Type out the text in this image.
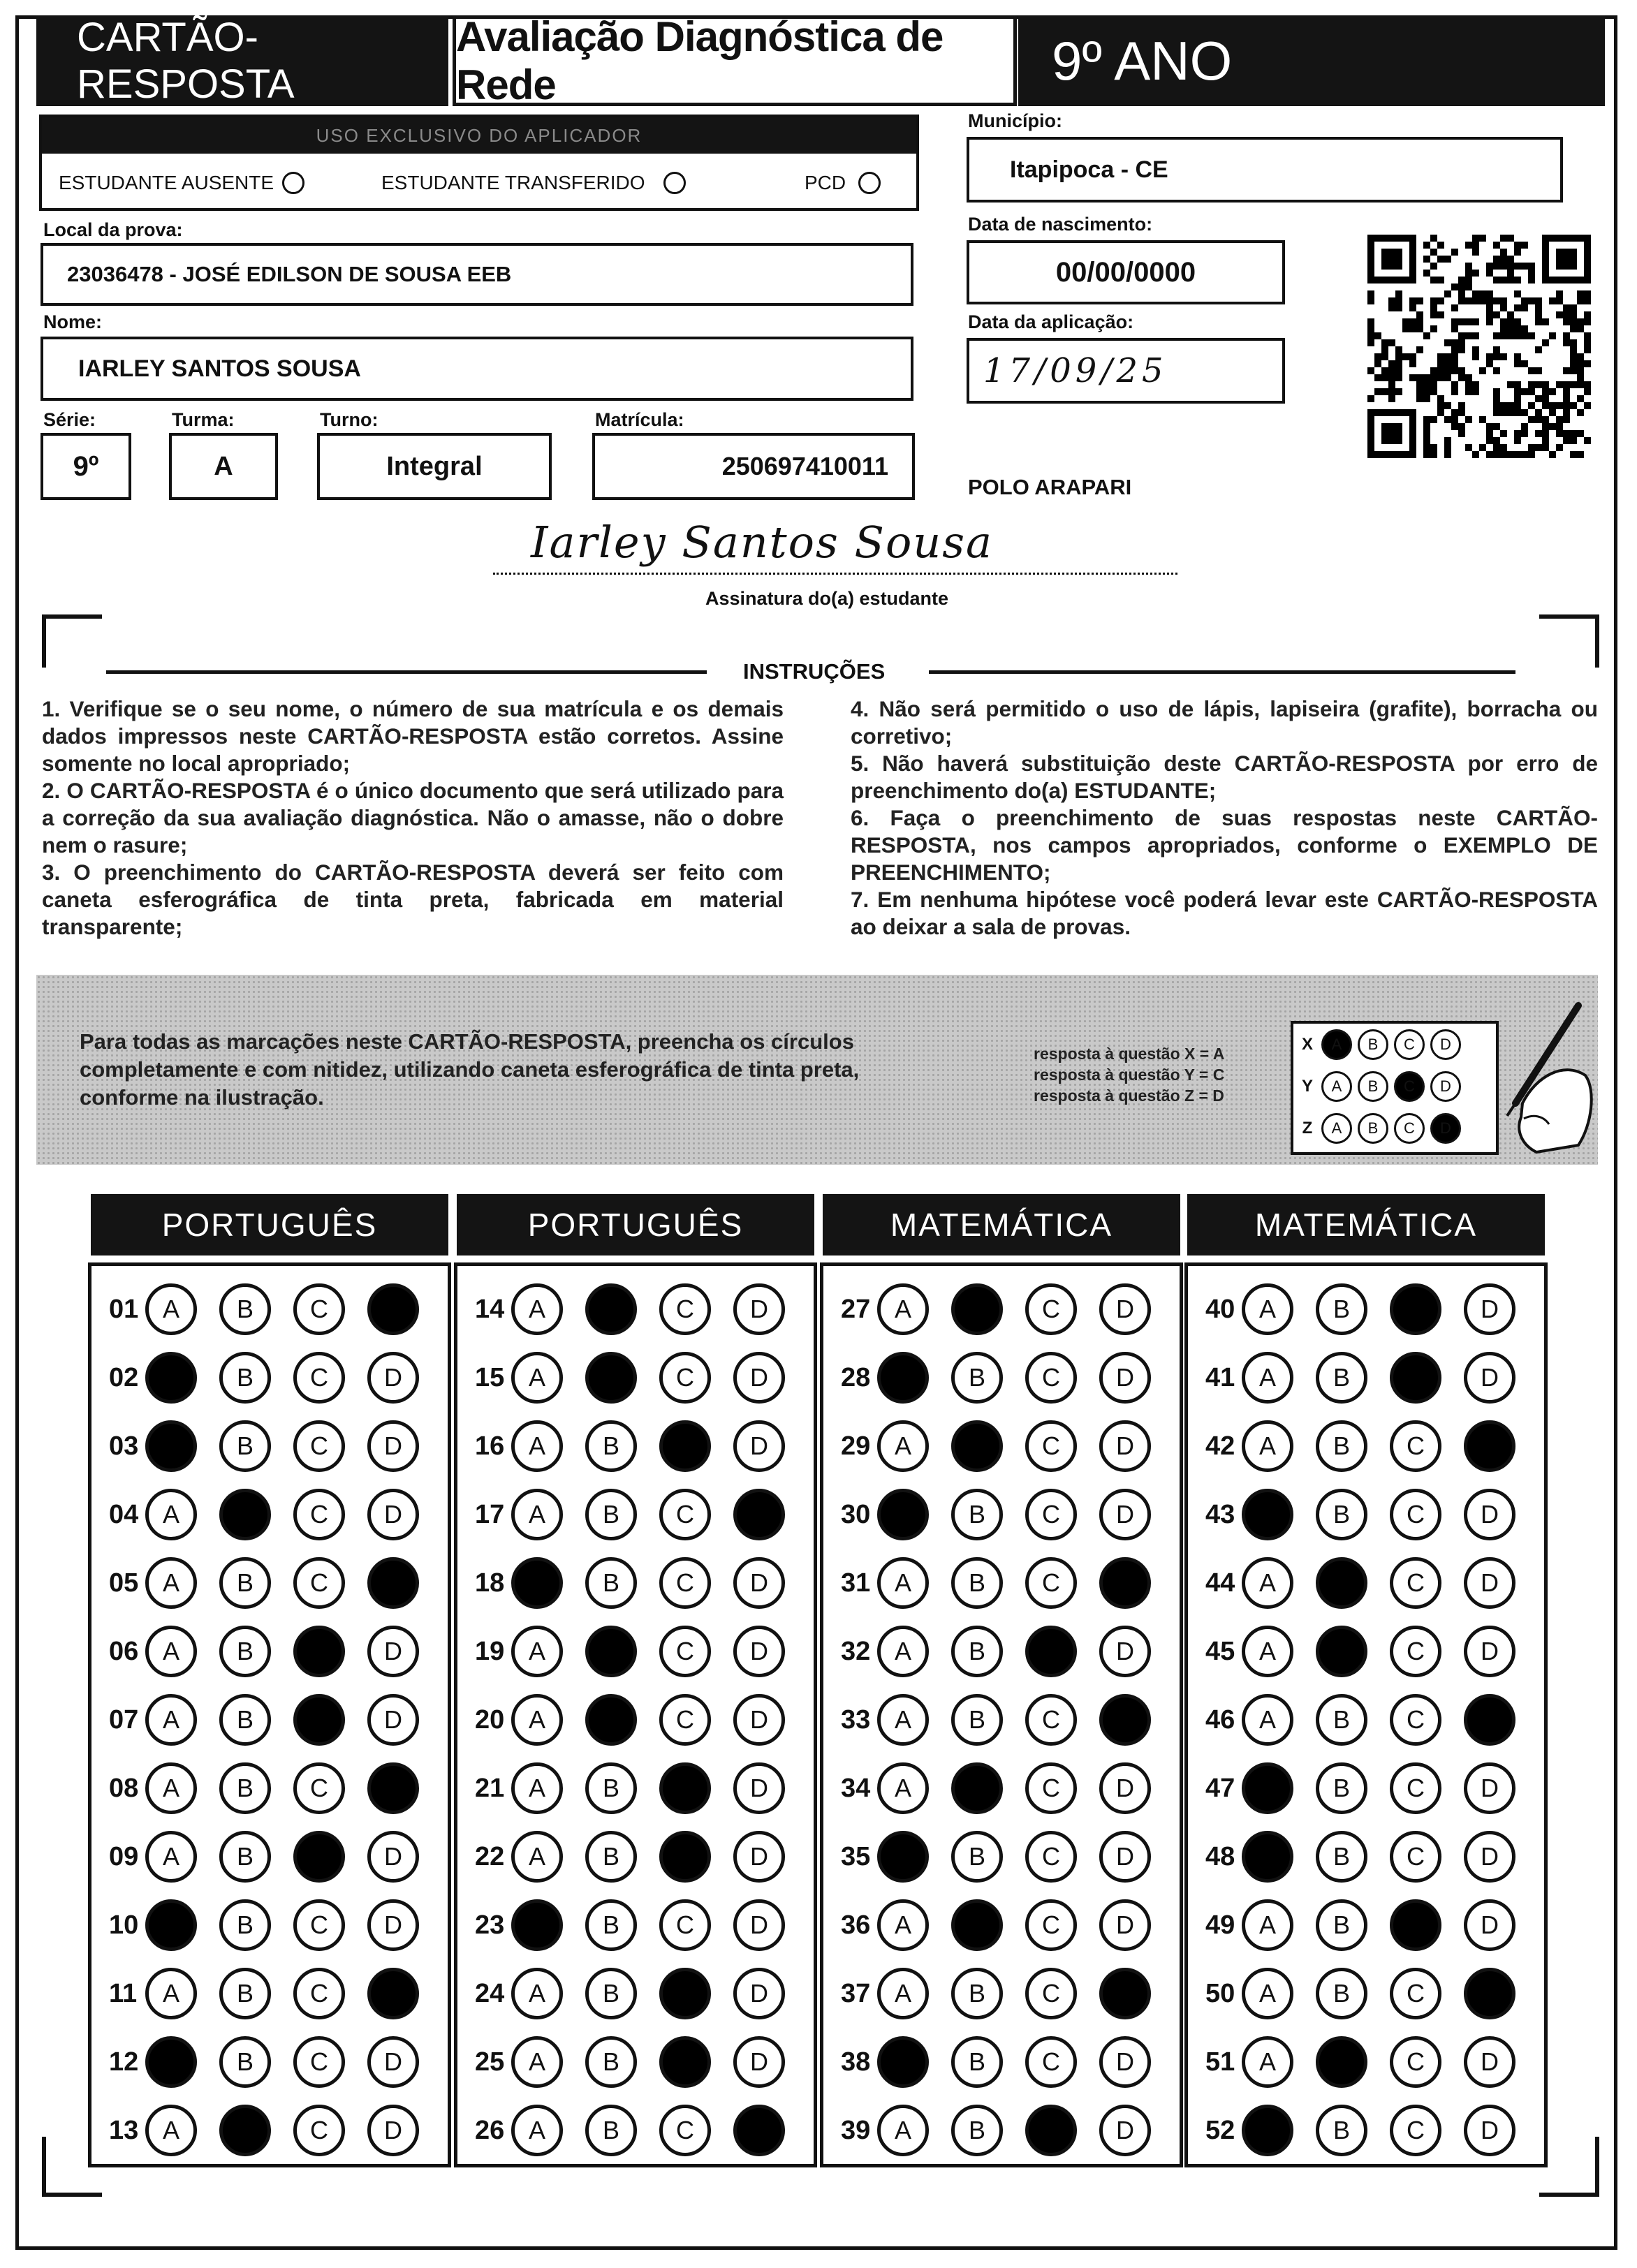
CARTÃO-RESPOSTA
Avaliação Diagnóstica de Rede	9º ANO
USO EXCLUSIVO DO APLICADOR
ESTUDANTE AUSENTE	ESTUDANTE TRANSFERIDO	PCD
Município:
Itapipoca - CE
Data de nascimento:
00/00/0000
Data da aplicação:
17/09/25
Local da prova:
23036478 - JOSÉ EDILSON DE SOUSA EEB
Nome:
IARLEY SANTOS SOUSA
Série:	Turma:	Turno:	Matrícula:
9º	A	Integral	250697410011
POLO ARAPARI
Iarley Santos Sousa
Assinatura do(a) estudante
INSTRUÇÕES
1. Verifique se o seu nome, o número de sua matrícula e os demais dados impressos neste CARTÃO-RESPOSTA estão corretos. Assine somente no local apropriado;
2. O CARTÃO-RESPOSTA é o único documento que será utilizado para a correção da sua avaliação diagnóstica. Não o amasse, não o dobre nem o rasure;
3. O preenchimento do CARTÃO-RESPOSTA deverá ser feito com caneta esferográfica de tinta preta, fabricada em material transparente;
4. Não será permitido o uso de lápis, lapiseira (grafite), borracha ou corretivo;
5. Não haverá substituição deste CARTÃO-RESPOSTA por erro de preenchimento do(a) ESTUDANTE;
6. Faça o preenchimento de suas respostas neste CARTÃO-RESPOSTA, nos campos apropriados, conforme o EXEMPLO DE PREENCHIMENTO;
7. Em nenhuma hipótese você poderá levar este CARTÃO-RESPOSTA ao deixar a sala de provas.
Para todas as marcações neste CARTÃO-RESPOSTA, preencha os círculos completamente e com nitidez, utilizando caneta esferográfica de tinta preta, conforme na ilustração.
resposta à questão X = A
resposta à questão Y = C
resposta à questão Z = D
X	A	B	C	D
Y	A	B	C	D
Z	A	B	C	D
PORTUGUÊS
01 A	B	C	D
02 A	B	C	D
03 A	B	C	D
04 A	B	C	D
05 A	B	C	D
06 A	B	C	D
07 A	B	C	D
08 A	B	C	D
09 A	B	C	D
10 A	B	C	D
11	A	B	C	D
12 A	B	C	D
13 A	B	C	D
PORTUGUÊS
14 A	B	C	D
15 A	B	C	D
16 A	B	C	D
17 A	B	C	D
18 A	B	C	D
19 A	B	C	D
20 A	B	C	D
21 A	B	C	D
22 A	B	C	D
23 A	B	C	D
24 A	B	C	D
25 A	B	C	D
26 A	B	C	D
MATEMÁTICA
27 A	B	C	D
28 A	B	C	D
29 A	B	C	D
30 A	B	C	D
31 A	B	C	D
32 A	B	C	D
33 A	B	C	D
34 A	B	C	D
35 A	B	C	D
36 A	B	C	D
37 A	B	C	D
38 A	B	C	D
39 A	B	C	D
MATEMÁTICA
40 A	B	C	D
41 A	B	C	D
42 A	B	C	D
43 A	B	C	D
44 A	B	C	D
45 A	B	C	D
46 A	B	C	D
47 A	B	C	D
48 A	B	C	D
49 A	B	C	D
50 A	B	C	D
51 A	B	C	D
52 A	B	C	D
